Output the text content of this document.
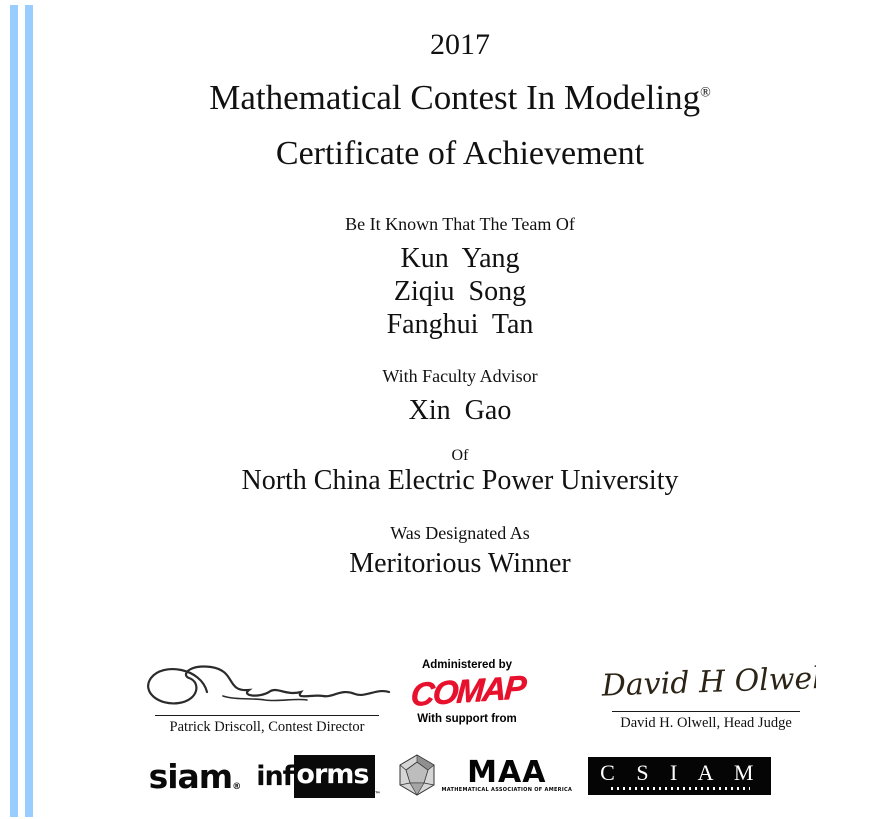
2017
Mathematical Contest In Modeling®
Certificate of Achievement
Be It Known That The Team Of
Kun  Yang
Ziqiu  Song
Fanghui  Tan
With Faculty Advisor
Xin  Gao
Of
North China Electric Power University
Was Designated As
Meritorious Winner
Patrick Driscoll, Contest Director
Administered by
COMAP
With support from
David H Olwell
David H. Olwell, Head Judge
siam ® inf orms
™
MAA
MATHEMATICAL ASSOCIATION OF AMERICA
C S I A M
